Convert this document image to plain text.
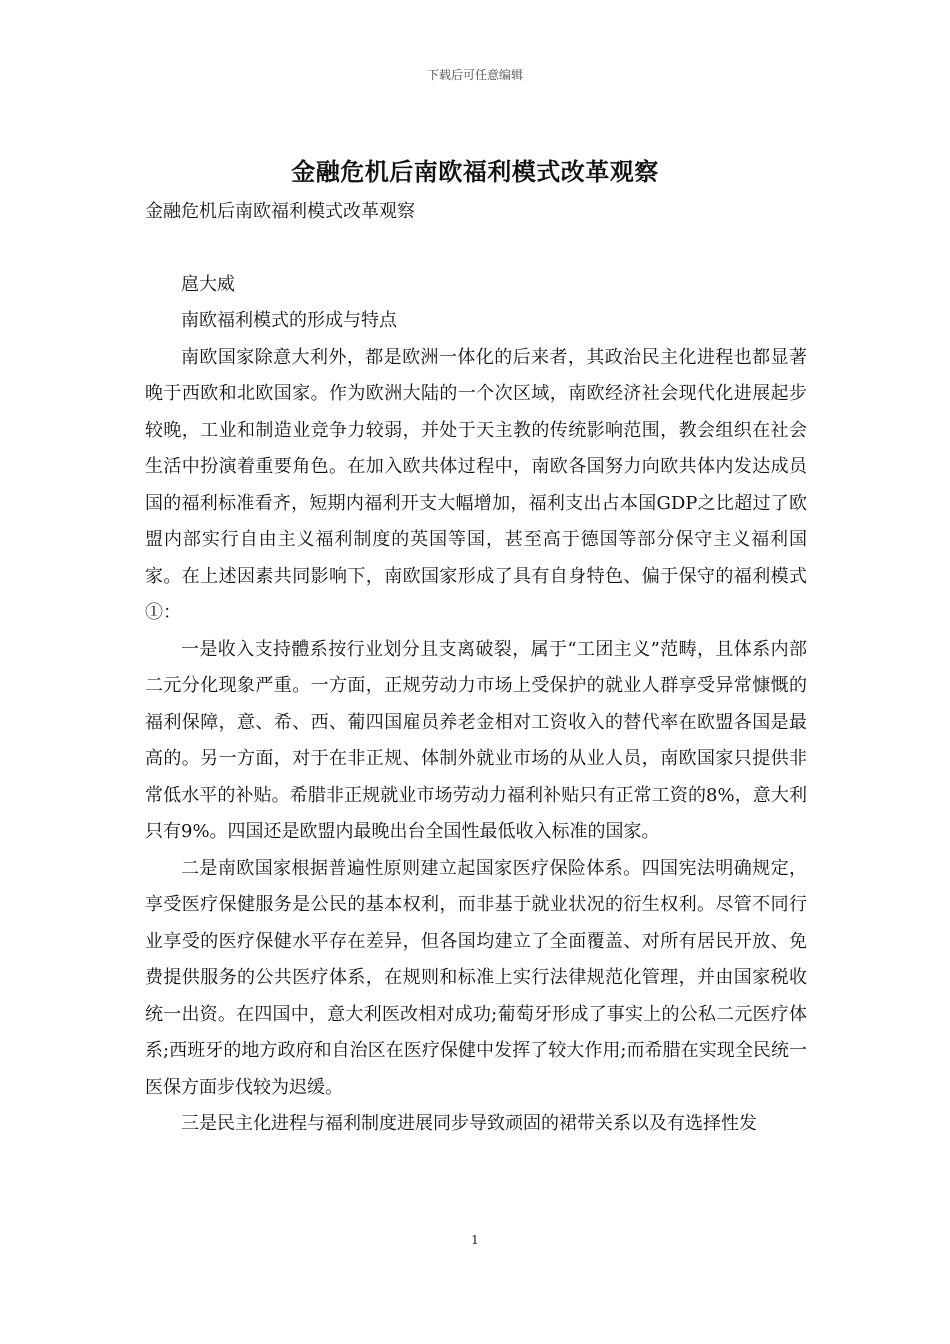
下载后可任意编辑
金融危机后南欧福利模式改革观察

金融危机后南欧福利模式改革观察

扈大威

南欧福利模式的形成与特点

南欧国家除意大利外，都是欧洲一体化的后来者，其政治民主化进程也都显著晚于西欧和北欧国家。作为欧洲大陆的一个次区域，南欧经济社会现代化进展起步较晚，工业和制造业竞争力较弱，并处于天主教的传统影响范围，教会组织在社会生活中扮演着重要角色。在加入欧共体过程中，南欧各国努力向欧共体内发达成员国的福利标准看齐，短期内福利开支大幅增加，福利支出占本国GDP之比超过了欧盟内部实行自由主义福利制度的英国等国，甚至高于德国等部分保守主义福利国家。在上述因素共同影响下，南欧国家形成了具有自身特色、偏于保守的福利模式①：

一是收入支持體系按行业划分且支离破裂，属于“工团主义”范畴，且体系内部二元分化现象严重。一方面，正规劳动力市场上受保护的就业人群享受异常慷慨的福利保障，意、希、西、葡四国雇员养老金相对工资收入的替代率在欧盟各国是最高的。另一方面，对于在非正规、体制外就业市场的从业人员，南欧国家只提供非常低水平的补贴。希腊非正规就业市场劳动力福利补贴只有正常工资的8%，意大利只有9%。四国还是欧盟内最晚出台全国性最低收入标准的国家。

二是南欧国家根据普遍性原则建立起国家医疗保险体系。四国宪法明确规定，享受医疗保健服务是公民的基本权利，而非基于就业状况的衍生权利。尽管不同行业享受的医疗保健水平存在差异，但各国均建立了全面覆盖、对所有居民开放、免费提供服务的公共医疗体系，在规则和标准上实行法律规范化管理，并由国家税收统一出资。在四国中，意大利医改相对成功;葡萄牙形成了事实上的公私二元医疗体系;西班牙的地方政府和自治区在医疗保健中发挥了较大作用;而希腊在实现全民统一医保方面步伐较为迟缓。

三是民主化进程与福利制度进展同步导致顽固的裙带关系以及有选择性发

1
